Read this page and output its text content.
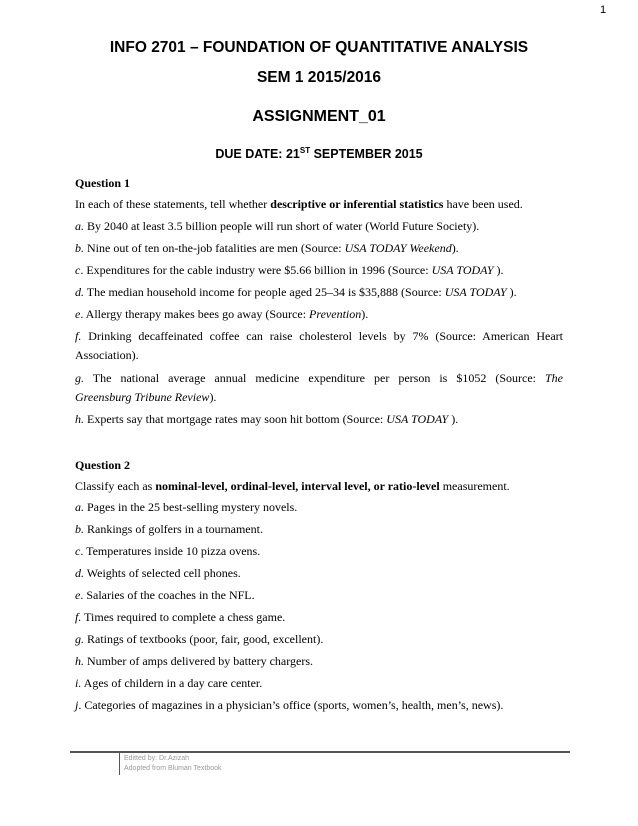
1
INFO 2701 – FOUNDATION OF QUANTITATIVE ANALYSIS
SEM 1 2015/2016
ASSIGNMENT_01
DUE DATE: 21ST SEPTEMBER 2015
Question 1
In each of these statements, tell whether descriptive or inferential statistics have been used.
a. By 2040 at least 3.5 billion people will run short of water (World Future Society).
b. Nine out of ten on-the-job fatalities are men (Source: USA TODAY Weekend).
c. Expenditures for the cable industry were $5.66 billion in 1996 (Source: USA TODAY ).
d. The median household income for people aged 25–34 is $35,888 (Source: USA TODAY ).
e. Allergy therapy makes bees go away (Source: Prevention).
f. Drinking decaffeinated coffee can raise cholesterol levels by 7% (Source: American Heart
Association).
g. The national average annual medicine expenditure per person is $1052 (Source: The
Greensburg Tribune Review).
h. Experts say that mortgage rates may soon hit bottom (Source: USA TODAY ).
Question 2
Classify each as nominal-level, ordinal-level, interval level, or ratio-level measurement.
a. Pages in the 25 best-selling mystery novels.
b. Rankings of golfers in a tournament.
c. Temperatures inside 10 pizza ovens.
d. Weights of selected cell phones.
e. Salaries of the coaches in the NFL.
f. Times required to complete a chess game.
g. Ratings of textbooks (poor, fair, good, excellent).
h. Number of amps delivered by battery chargers.
i. Ages of childern in a day care center.
j. Categories of magazines in a physician’s office (sports, women’s, health, men’s, news).
Editted by: Dr.Azizah
Adopted from Bluman Textbook
